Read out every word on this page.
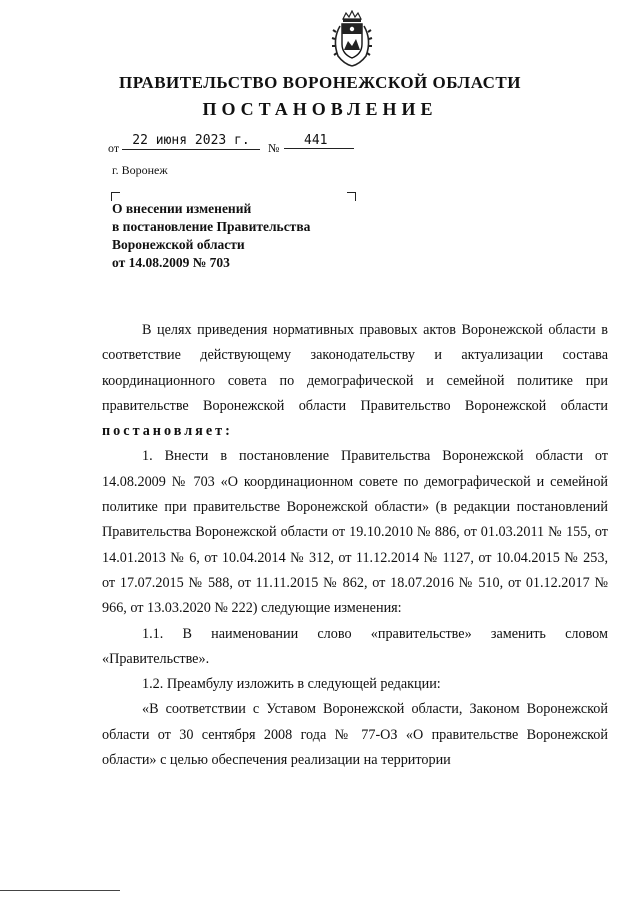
ПРАВИТЕЛЬСТВО ВОРОНЕЖСКОЙ ОБЛАСТИ
ПОСТАНОВЛЕНИЕ
от	22 июня 2023 г.	№	441
г. Воронеж
О внесении изменений
в постановление Правительства
Воронежской области
от 14.08.2009 № 703

В целях приведения нормативных правовых актов Воронежской области в соответствие действующему законодательству и актуализации состава координационного совета по демографической и семейной политике при правительстве Воронежской области Правительство Воронежской области постановляет:

1. Внести в постановление Правительства Воронежской области от 14.08.2009 № 703 «О координационном совете по демографической и семейной политике при правительстве Воронежской области» (в редакции постановлений Правительства Воронежской области от 19.10.2010 № 886, от 01.03.2011 № 155, от 14.01.2013 № 6, от 10.04.2014 № 312, от 11.12.2014 № 1127, от 10.04.2015 № 253, от 17.07.2015 № 588, от 11.11.2015 № 862, от 18.07.2016 № 510, от 01.12.2017 № 966, от 13.03.2020 № 222) следующие изменения:

1.1. В наименовании слово «правительстве» заменить словом «Правительстве».

1.2. Преамбулу изложить в следующей редакции:

«В соответствии с Уставом Воронежской области, Законом Воронежской области от 30 сентября 2008 года № 77-ОЗ «О правительстве Воронежской области» с целью обеспечения реализации на территории
